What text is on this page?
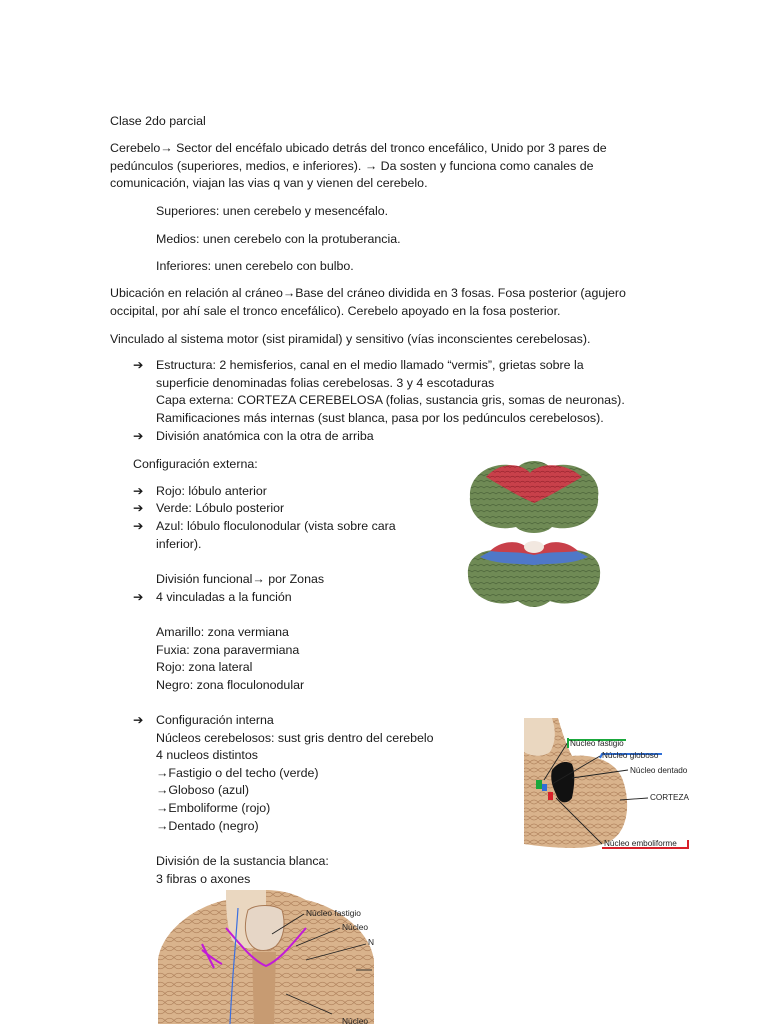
Clase 2do parcial
Cerebelo→ Sector del encéfalo ubicado detrás del tronco encefálico, Unido por 3 pares de pedúnculos (superiores, medios, e inferiores). → Da sosten y funciona como canales de comunicación, viajan las vias q van y vienen del cerebelo.
Superiores: unen cerebelo y mesencéfalo.
Medios: unen cerebelo con la protuberancia.
Inferiores: unen cerebelo con bulbo.
Ubicación en relación al cráneo→Base del cráneo dividida en 3 fosas. Fosa posterior (agujero occipital, por ahí sale el tronco encefálico). Cerebelo apoyado en la fosa posterior.
Vinculado al sistema motor (sist piramidal) y sensitivo (vías inconscientes cerebelosas).
➔	Estructura: 2 hemisferios, canal en el medio llamado “vermis”, grietas sobre la
superficie denominadas folias cerebelosas. 3 y 4 escotaduras
Capa externa: CORTEZA CEREBELOSA (folias, sustancia gris, somas de neuronas).
Ramificaciones más internas (sust blanca, pasa por los pedúnculos cerebelosos).
➔	División anatómica con la otra de arriba
Configuración externa:
➔	Rojo: lóbulo anterior
➔	Verde: Lóbulo posterior
➔	Azul: lóbulo floculonodular (vista sobre cara
inferior).
División funcional→ por Zonas
➔	4 vinculadas a la función
Amarillo: zona vermiana
Fuxia: zona paravermiana
Rojo: zona lateral
Negro: zona floculonodular
➔	Configuración interna
Núcleos cerebelosos: sust gris dentro del cerebelo
4 nucleos distintos
→Fastigio o del techo (verde)
→Globoso (azul)
→Emboliforme (rojo)
→Dentado (negro)
División de la sustancia blanca:
3 fibras o axones
Núcleo fastigio
Núcleo globoso
Núcleo dentado
CORTEZA
Núcleo emboliforme
Núcleo fastigio
Núcleo
N
Núcleo
